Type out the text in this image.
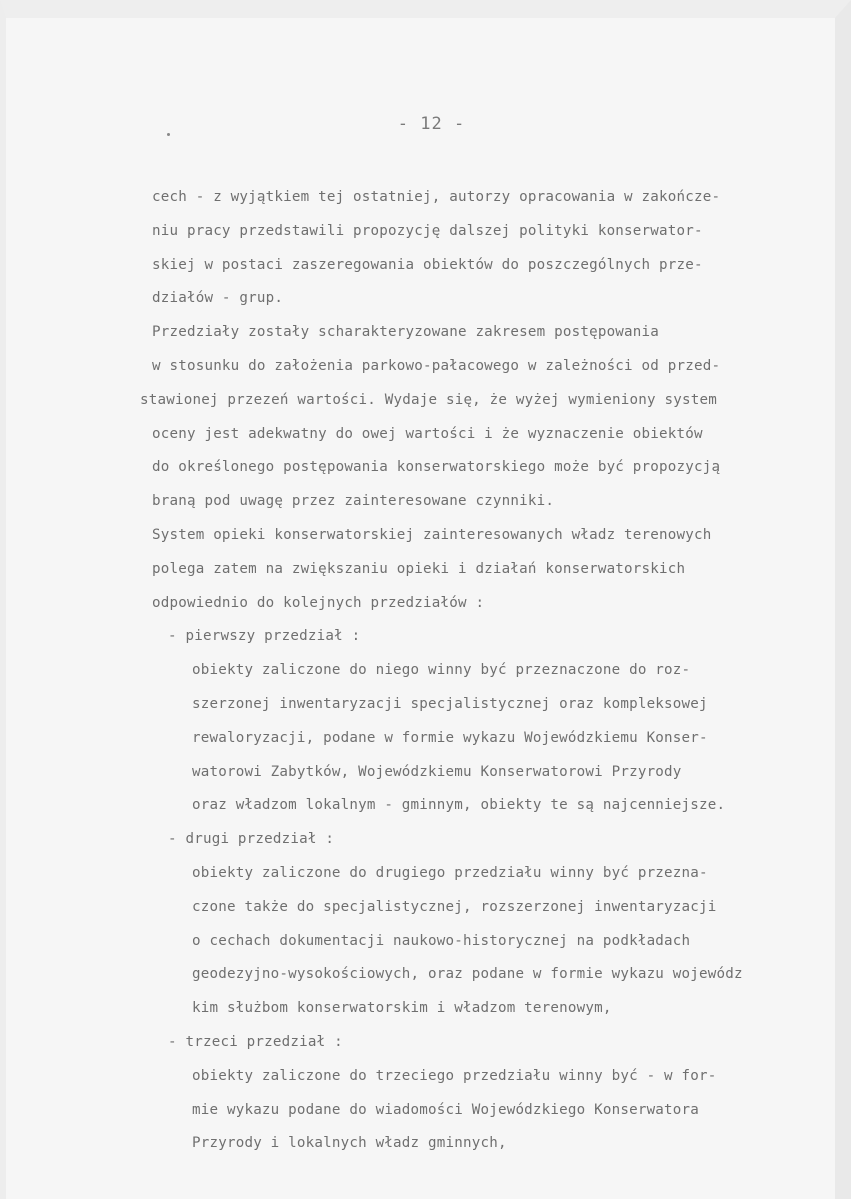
- 12 -
cech - z wyjątkiem tej ostatniej, autorzy opracowania w zakończe-
niu pracy przedstawili propozycję dalszej polityki konserwator-
skiej w postaci zaszeregowania obiektów do poszczególnych prze-
działów - grup.
Przedziały zostały scharakteryzowane zakresem postępowania
w stosunku do założenia parkowo-pałacowego w zależności od przed-
stawionej przezeń wartości. Wydaje się, że wyżej wymieniony system
oceny jest adekwatny do owej wartości i że wyznaczenie obiektów
do określonego postępowania konserwatorskiego może być propozycją
braną pod uwagę przez zainteresowane czynniki.
System opieki konserwatorskiej zainteresowanych władz terenowych
polega zatem na zwiększaniu opieki i działań konserwatorskich
odpowiednio do kolejnych przedziałów :
- pierwszy przedział :
obiekty zaliczone do niego winny być przeznaczone do roz-
szerzonej inwentaryzacji specjalistycznej oraz kompleksowej
rewaloryzacji, podane w formie wykazu Wojewódzkiemu Konser-
watorowi Zabytków, Wojewódzkiemu Konserwatorowi Przyrody
oraz władzom lokalnym - gminnym, obiekty te są najcenniejsze.
- drugi przedział :
obiekty zaliczone do drugiego przedziału winny być przezna-
czone także do specjalistycznej, rozszerzonej inwentaryzacji
o cechach dokumentacji naukowo-historycznej na podkładach
geodezyjno-wysokościowych, oraz podane w formie wykazu wojewódz
kim służbom konserwatorskim i władzom terenowym,
- trzeci przedział :
obiekty zaliczone do trzeciego przedziału winny być - w for-
mie wykazu podane do wiadomości Wojewódzkiego Konserwatora
Przyrody i lokalnych władz gminnych,
